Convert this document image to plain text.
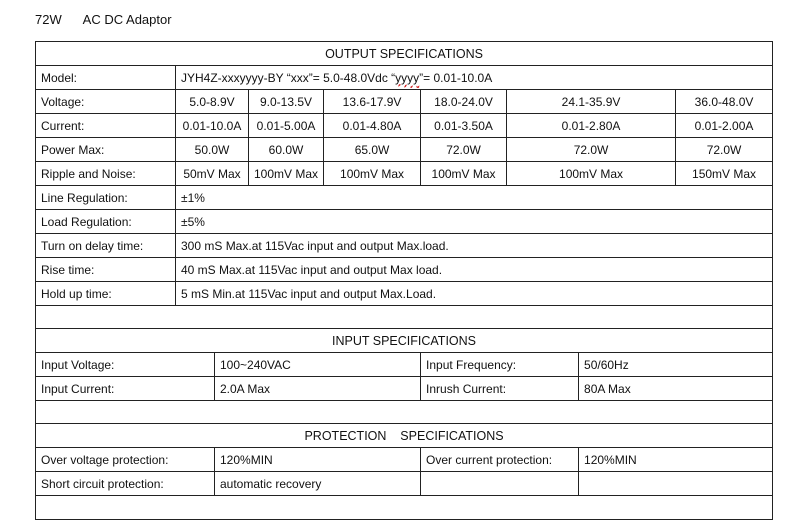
72W      AC DC Adaptor
OUTPUT SPECIFICATIONS								
Model:	JYH4Z-xxxyyyy-BY “xxx”= 5.0-48.0Vdc “yyyy”= 0.01-10.0A							
Voltage:	5.0-8.9V		9.0-13.5V	13.6-17.9V	18.0-24.0V	24.1-35.9V		36.0-48.0V
Current:	0.01-10.0A		0.01-5.00A	0.01-4.80A	0.01-3.50A	0.01-2.80A		0.01-2.00A
Power Max:	50.0W		60.0W	65.0W	72.0W	72.0W		72.0W
Ripple and Noise:	50mV Max		100mV Max	100mV Max	100mV Max	100mV Max		150mV Max
Line Regulation:	±1%							
Load Regulation:	±5%							
Turn on delay time:	300 mS Max.at 115Vac input and output Max.load.							
Rise time:	40 mS Max.at 115Vac input and output Max load.							
Hold up time:	5 mS Min.at 115Vac input and output Max.Load.							

INPUT SPECIFICATIONS								
Input Voltage:		100~240VAC			Input Frequency:		50/60Hz	
Input Current:		2.0A Max			Inrush Current:		80A Max	

PROTECTION    SPECIFICATIONS								
Over voltage protection:		120%MIN			Over current protection:		120%MIN	
Short circuit protection:		automatic recovery						
